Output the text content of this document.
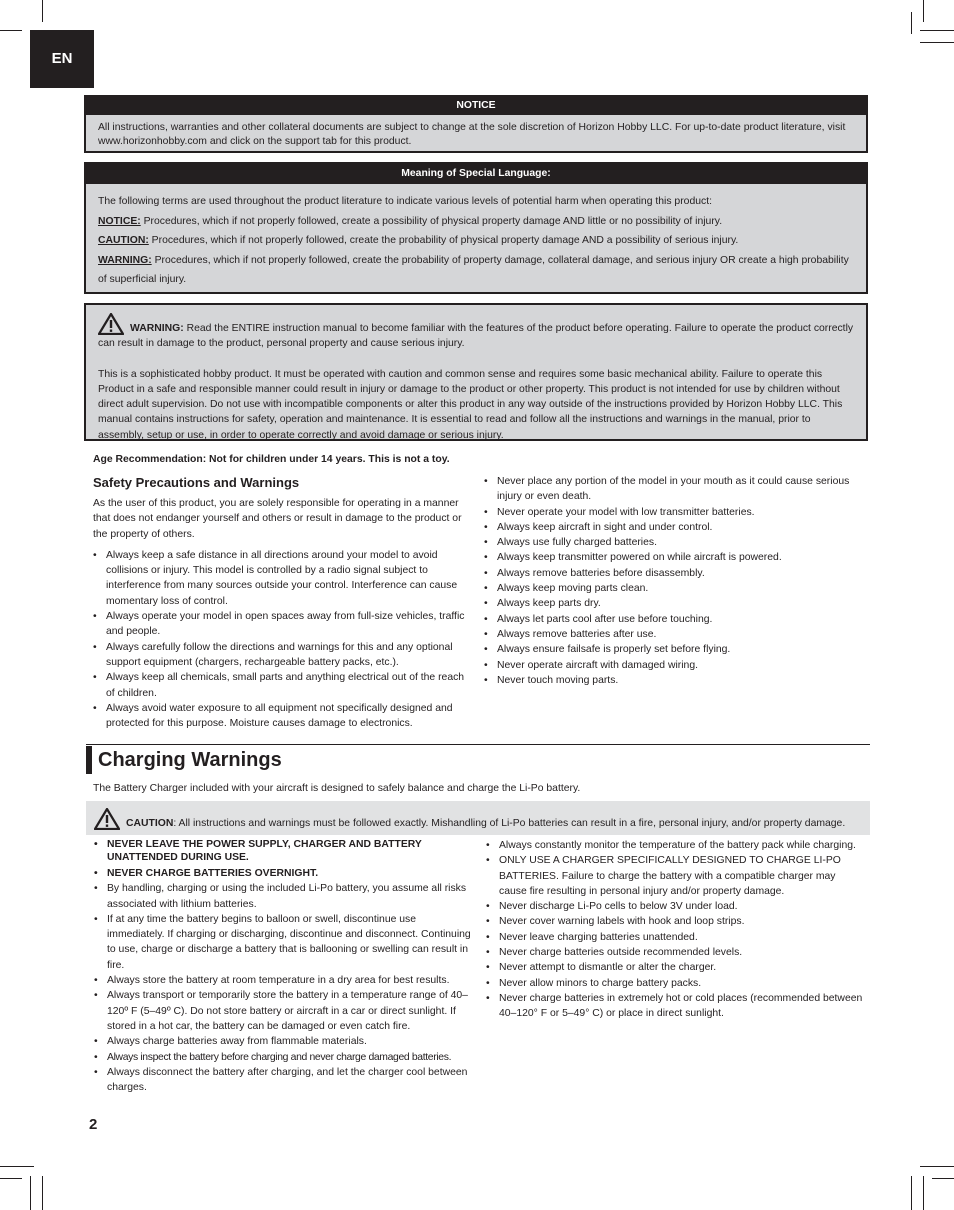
EN
NOTICE

All instructions, warranties and other collateral documents are subject to change at the sole discretion of Horizon Hobby LLC. For up-to-date product literature, visit www.horizonhobby.com and click on the support tab for this product.

Meaning of Special Language:

The following terms are used throughout the product literature to indicate various levels of potential harm when operating this product:

NOTICE: Procedures, which if not properly followed, create a possibility of physical property damage AND little or no possibility of injury.

CAUTION: Procedures, which if not properly followed, create the probability of physical property damage AND a possibility of serious injury.

WARNING: Procedures, which if not properly followed, create the probability of property damage, collateral damage, and serious injury OR create a high probability of superficial injury.

WARNING: Read the ENTIRE instruction manual to become familiar with the features of the product before operating. Failure to operate the product correctly can result in damage to the product, personal property and cause serious injury.

This is a sophisticated hobby product. It must be operated with caution and common sense and requires some basic mechanical ability. Failure to operate this Product in a safe and responsible manner could result in injury or damage to the product or other property. This product is not intended for use by children without direct adult supervision. Do not use with incompatible components or alter this product in any way outside of the instructions provided by Horizon Hobby LLC. This manual contains instructions for safety, operation and maintenance. It is essential to read and follow all the instructions and warnings in the manual, prior to assembly, setup or use, in order to operate correctly and avoid damage or serious injury.

Age Recommendation: Not for children under 14 years. This is not a toy.
Safety Precautions and Warnings

As the user of this product, you are solely responsible for operating in a manner that does not endanger yourself and others or result in damage to the product or the property of others.

• Always keep a safe distance in all directions around your model to avoid collisions or injury. This model is controlled by a radio signal subject to interference from many sources outside your control. Interference can cause momentary loss of control.
• Always operate your model in open spaces away from full-size vehicles, traffic and people.
• Always carefully follow the directions and warnings for this and any optional support equipment (chargers, rechargeable battery packs, etc.).
• Always keep all chemicals, small parts and anything electrical out of the reach of children.
• Always avoid water exposure to all equipment not specifically designed and protected for this purpose. Moisture causes damage to electronics.
• Never place any portion of the model in your mouth as it could cause serious injury or even death.
• Never operate your model with low transmitter batteries.
• Always keep aircraft in sight and under control.
• Always use fully charged batteries.
• Always keep transmitter powered on while aircraft is powered.
• Always remove batteries before disassembly.
• Always keep moving parts clean.
• Always keep parts dry.
• Always let parts cool after use before touching.
• Always remove batteries after use.
• Always ensure failsafe is properly set before flying.
• Never operate aircraft with damaged wiring.
• Never touch moving parts.
Charging Warnings
The Battery Charger included with your aircraft is designed to safely balance and charge the Li-Po battery.
CAUTION: All instructions and warnings must be followed exactly. Mishandling of Li-Po batteries can result in a fire, personal injury, and/or property damage.
• NEVER LEAVE THE POWER SUPPLY, CHARGER AND BATTERY UNATTENDED DURING USE.
• NEVER CHARGE BATTERIES OVERNIGHT.
• By handling, charging or using the included Li-Po battery, you assume all risks associated with lithium batteries.
• If at any time the battery begins to balloon or swell, discontinue use immediately. If charging or discharging, discontinue and disconnect. Continuing to use, charge or discharge a battery that is ballooning or swelling can result in fire.
• Always store the battery at room temperature in a dry area for best results.
• Always transport or temporarily store the battery in a temperature range of 40–120º F (5–49º C). Do not store battery or aircraft in a car or direct sunlight. If stored in a hot car, the battery can be damaged or even catch fire.
• Always charge batteries away from flammable materials.
• Always inspect the battery before charging and never charge damaged batteries.
• Always disconnect the battery after charging, and let the charger cool between charges.
• Always constantly monitor the temperature of the battery pack while charging.
• ONLY USE A CHARGER SPECIFICALLY DESIGNED TO CHARGE LI-PO BATTERIES. Failure to charge the battery with a compatible charger may cause fire resulting in personal injury and/or property damage.
• Never discharge Li-Po cells to below 3V under load.
• Never cover warning labels with hook and loop strips.
• Never leave charging batteries unattended.
• Never charge batteries outside recommended levels.
• Never attempt to dismantle or alter the charger.
• Never allow minors to charge battery packs.
• Never charge batteries in extremely hot or cold places (recommended between 40–120° F or 5–49° C) or place in direct sunlight.
2
